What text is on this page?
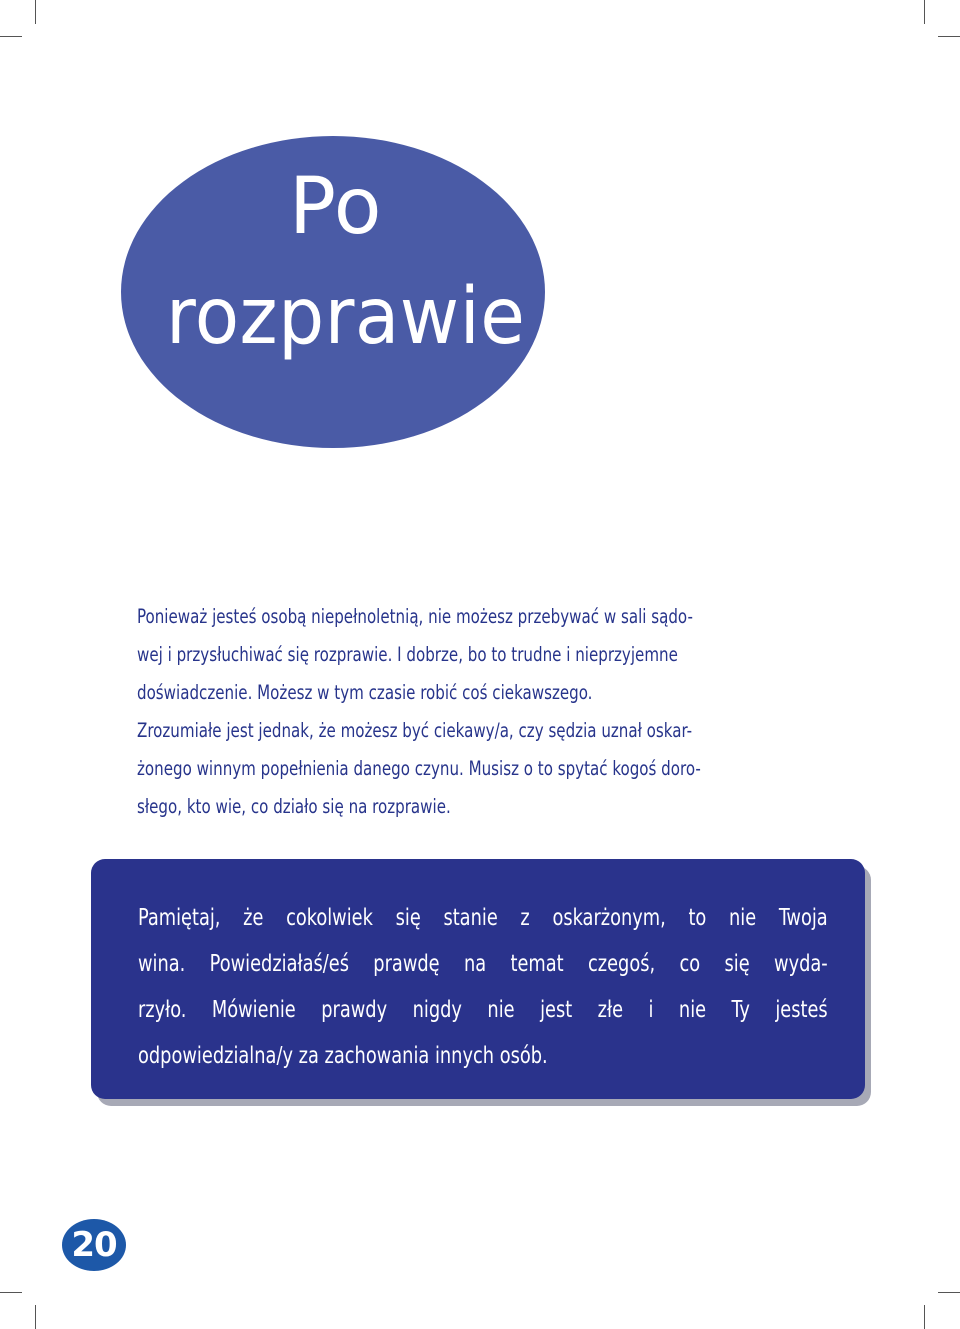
Po
rozprawie
Ponieważ jesteś osobą niepełnoletnią, nie możesz przebywać w sali sądo-
wej i przysłuchiwać się rozprawie. I dobrze, bo to trudne i nieprzyjemne
doświadczenie. Możesz w tym czasie robić coś ciekawszego.
Zrozumiałe jest jednak, że możesz być ciekawy/a, czy sędzia uznał oskar-
żonego winnym popełnienia danego czynu. Musisz o to spytać kogoś doro-
słego, kto wie, co działo się na rozprawie.
Pamiętaj, że cokolwiek się stanie z oskarżonym, to nie Twoja
wina. Powiedziałaś/eś prawdę na temat czegoś, co się wyda-
rzyło. Mówienie prawdy nigdy nie jest złe i nie Ty jesteś
odpowiedzialna/y za zachowania innych osób.
20
